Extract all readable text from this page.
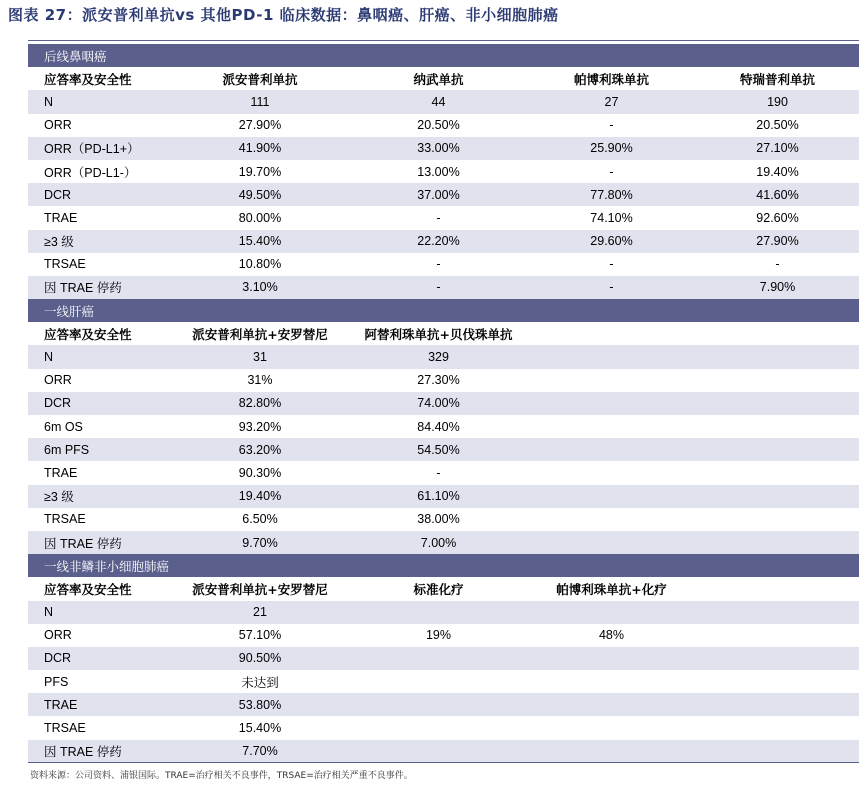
图表 27：派安普利单抗vs 其他PD-1 临床数据：鼻咽癌、肝癌、非小细胞肺癌
后线鼻咽癌				
应答率及安全性	派安普利单抗	纳武单抗	帕博利珠单抗	特瑞普利单抗
N	111	44	27	190
ORR	27.90%	20.50%	-	20.50%
ORR（PD-L1+）	41.90%	33.00%	25.90%	27.10%
ORR（PD-L1-）	19.70%	13.00%	-	19.40%
DCR	49.50%	37.00%	77.80%	41.60%
TRAE	80.00%	-	74.10%	92.60%
≥3 级	15.40%	22.20%	29.60%	27.90%
TRSAE	10.80%	-	-	-
因 TRAE 停药	3.10%	-	-	7.90%
一线肝癌				
应答率及安全性	派安普利单抗+安罗替尼	阿替利珠单抗+贝伐珠单抗		
N	31	329		
ORR	31%	27.30%		
DCR	82.80%	74.00%		
6m OS	93.20%	84.40%		
6m PFS	63.20%	54.50%		
TRAE	90.30%	-		
≥3 级	19.40%	61.10%		
TRSAE	6.50%	38.00%		
因 TRAE 停药	9.70%	7.00%		
一线非鳞非小细胞肺癌				
应答率及安全性	派安普利单抗+安罗替尼	标准化疗	帕博利珠单抗+化疗	
N	21			
ORR	57.10%	19%	48%	
DCR	90.50%			
PFS	未达到			
TRAE	53.80%			
TRSAE	15.40%			
因 TRAE 停药	7.70%			
资料来源：公司资料、浦银国际。TRAE=治疗相关不良事件，TRSAE=治疗相关严重不良事件。
